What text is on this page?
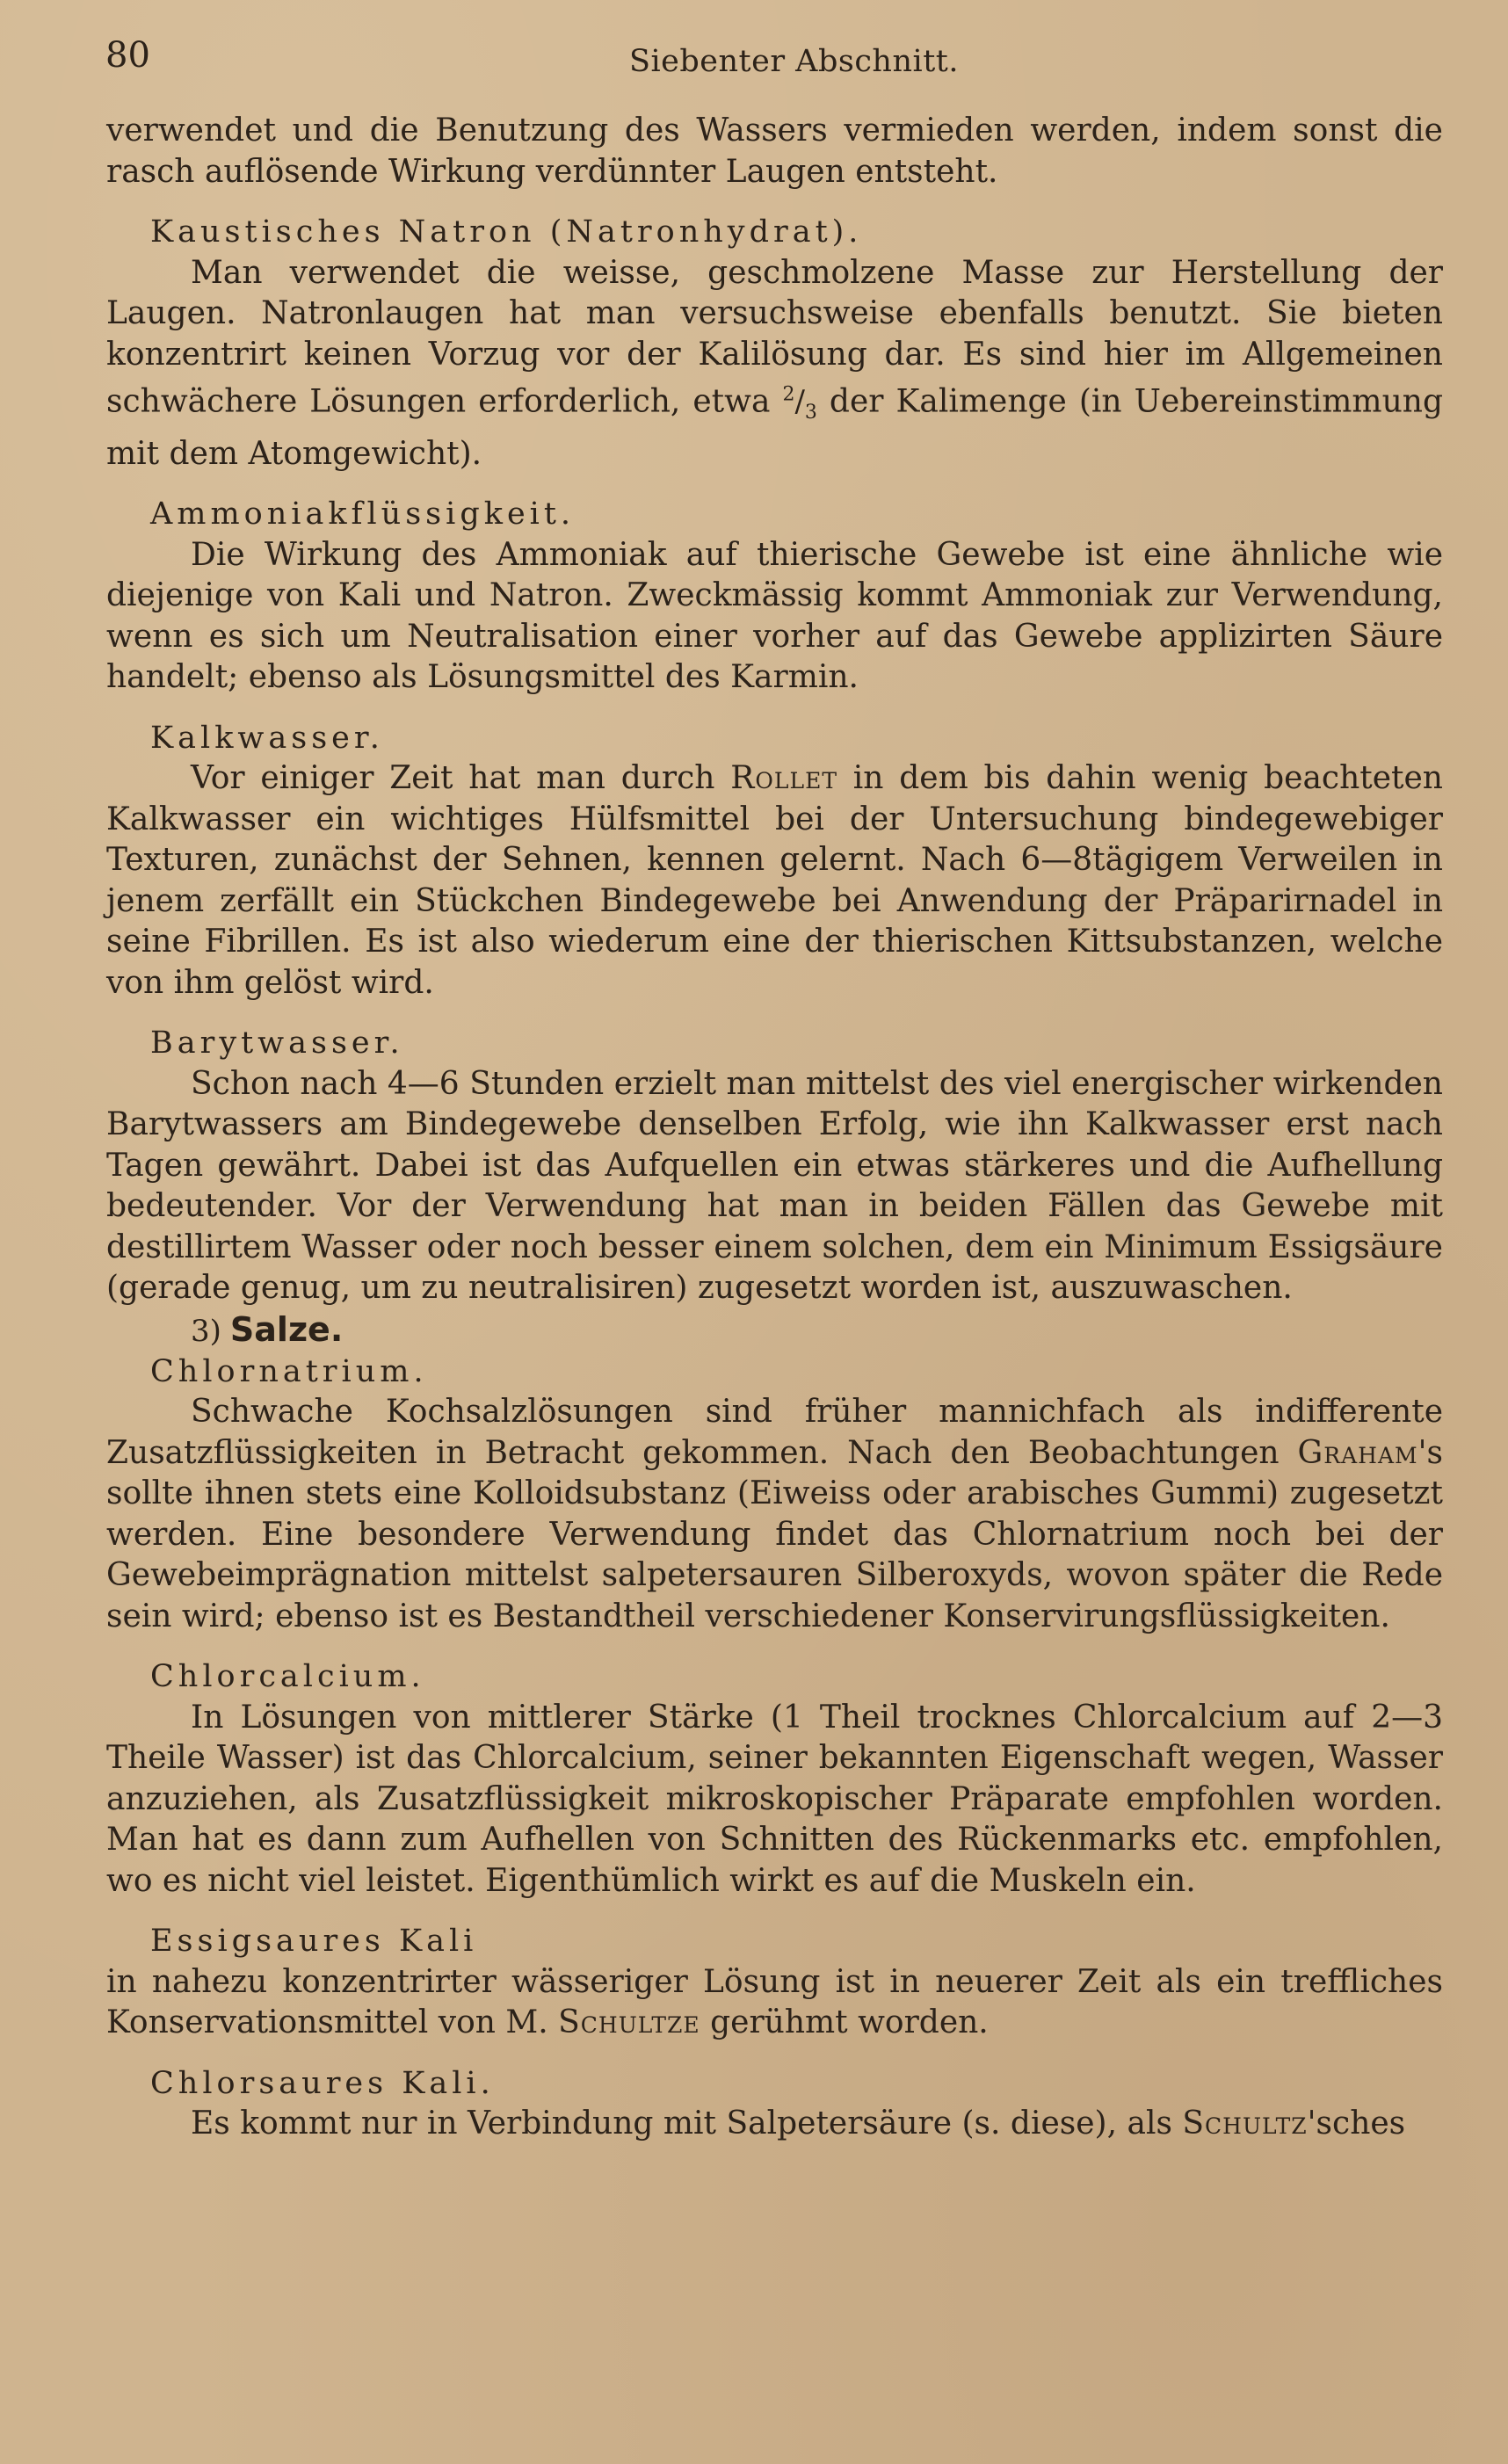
80	Siebenter Abschnitt.

verwendet und die Benutzung des Wassers vermieden werden, indem sonst die rasch auflösende Wirkung verdünnter Laugen entsteht.

Kaustisches Natron (Natronhydrat).

Man verwendet die weisse, geschmolzene Masse zur Herstellung der Laugen. Natronlaugen hat man versuchsweise ebenfalls benutzt. Sie bieten konzentrirt keinen Vorzug vor der Kalilösung dar. Es sind hier im Allgemeinen schwächere Lösungen erforderlich, etwa $^2/_3$ der Kalimenge (in Uebereinstimmung mit dem Atomgewicht).

Ammoniakflüssigkeit.

Die Wirkung des Ammoniak auf thierische Gewebe ist eine ähnliche wie diejenige von Kali und Natron. Zweckmässig kommt Ammoniak zur Verwendung, wenn es sich um Neutralisation einer vorher auf das Gewebe applizirten Säure handelt; ebenso als Lösungsmittel des Karmin.

Kalkwasser.

Vor einiger Zeit hat man durch Rollet in dem bis dahin wenig beachteten Kalkwasser ein wichtiges Hülfsmittel bei der Untersuchung bindegewebiger Texturen, zunächst der Sehnen, kennen gelernt. Nach 6—8tägigem Verweilen in jenem zerfällt ein Stückchen Bindegewebe bei Anwendung der Präparirnadel in seine Fibrillen. Es ist also wiederum eine der thierischen Kittsubstanzen, welche von ihm gelöst wird.

Barytwasser.

Schon nach 4—6 Stunden erzielt man mittelst des viel energischer wirkenden Barytwassers am Bindegewebe denselben Erfolg, wie ihn Kalkwasser erst nach Tagen gewährt. Dabei ist das Aufquellen ein etwas stärkeres und die Aufhellung bedeutender. Vor der Verwendung hat man in beiden Fällen das Gewebe mit destillirtem Wasser oder noch besser einem solchen, dem ein Minimum Essigsäure (gerade genug, um zu neutralisiren) zugesetzt worden ist, auszuwaschen.

3) Salze.

Chlornatrium.

Schwache Kochsalzlösungen sind früher mannichfach als indifferente Zusatzflüssigkeiten in Betracht gekommen. Nach den Beobachtungen Graham's sollte ihnen stets eine Kolloidsubstanz (Eiweiss oder arabisches Gummi) zugesetzt werden. Eine besondere Verwendung findet das Chlornatrium noch bei der Gewebeimprägnation mittelst salpetersauren Silberoxyds, wovon später die Rede sein wird; ebenso ist es Bestandtheil verschiedener Konservirungsflüssigkeiten.

Chlorcalcium.

In Lösungen von mittlerer Stärke (1 Theil trocknes Chlorcalcium auf 2—3 Theile Wasser) ist das Chlorcalcium, seiner bekannten Eigenschaft wegen, Wasser anzuziehen, als Zusatzflüssigkeit mikroskopischer Präparate empfohlen worden. Man hat es dann zum Aufhellen von Schnitten des Rückenmarks etc. empfohlen, wo es nicht viel leistet. Eigenthümlich wirkt es auf die Muskeln ein.

Essigsaures Kali

in nahezu konzentrirter wässeriger Lösung ist in neuerer Zeit als ein treffliches Konservationsmittel von M. Schultze gerühmt worden.

Chlorsaures Kali.

Es kommt nur in Verbindung mit Salpetersäure (s. diese), als Schultz'sches
